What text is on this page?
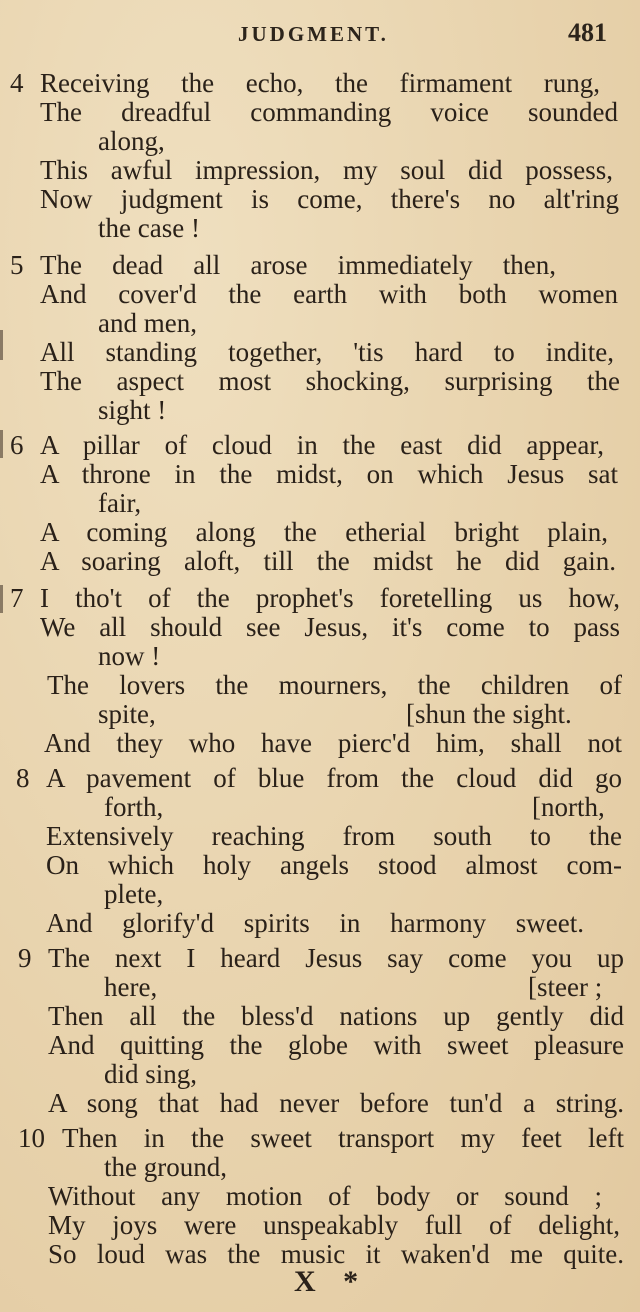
JUDGMENT.	481
4 Receiving the echo, the firmament rung,
The dreadful commanding voice sounded
along,
This awful impression, my soul did possess,
Now judgment is come, there's no alt'ring
the case !
5 The dead all arose immediately then,
And cover'd the earth with both women
and men,
All standing together, 'tis hard to indite,
The aspect most shocking, surprising the
sight !
6 A pillar of cloud in the east did appear,
A throne in the midst, on which Jesus sat
fair,
A coming along the etherial bright plain,
A soaring aloft, till the midst he did gain.
7 I tho't of the prophet's foretelling us how,
We all should see Jesus, it's come to pass
now !
The lovers the mourners, the children of
spite,	[shun the sight.
And they who have pierc'd him, shall not
8 A pavement of blue from the cloud did go
forth,	[north,
Extensively reaching from south to the
On which holy angels stood almost com-
plete,
And glorify'd spirits in harmony sweet.
9 The next I heard Jesus say come you up
here,	[steer ;
Then all the bless'd nations up gently did
And quitting the globe with sweet pleasure
did sing,
A song that had never before tun'd a string.
10 Then in the sweet transport my feet left
the ground,
Without any motion of body or sound ;
My joys were unspeakably full of delight,
So loud was the music it waken'd me quite.
X *
